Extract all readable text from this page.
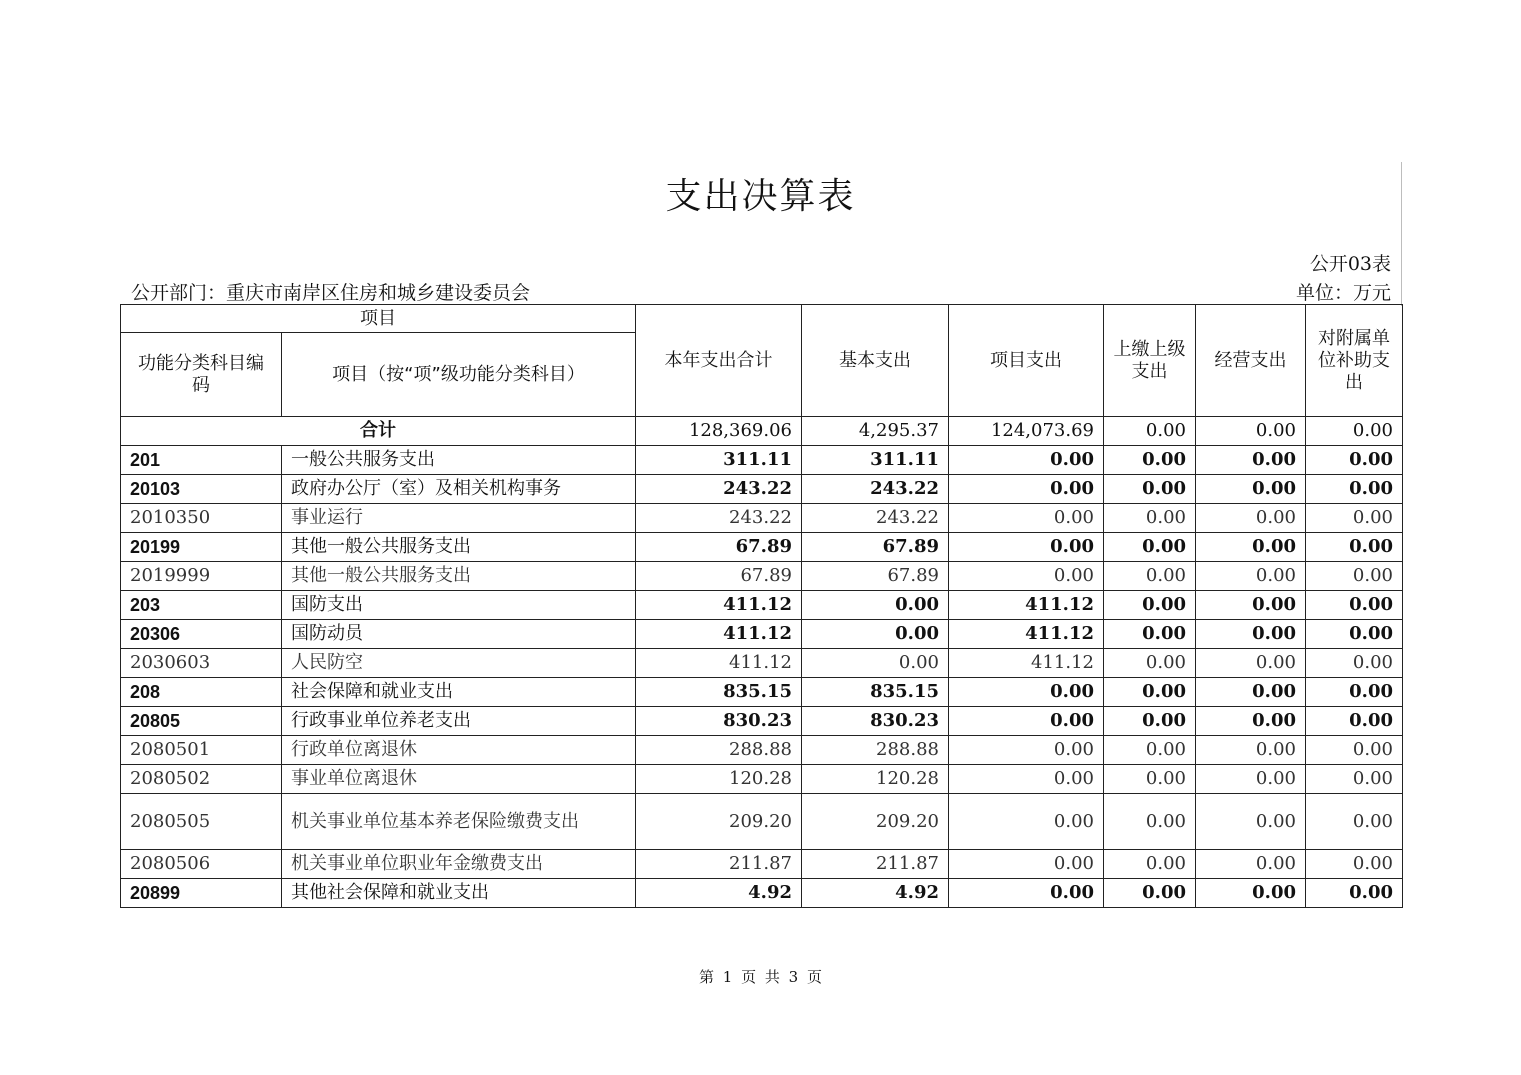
支出决算表
公开03表
公开部门：重庆市南岸区住房和城乡建设委员会	单位：万元
项目		本年支出合计	基本支出	项目支出	上缴上级支出	经营支出	对附属单位补助支出
功能分类科目编码	项目（按“项”级功能分类科目）						
合计		128,369.06	4,295.37	124,073.69	0.00	0.00	0.00
201	一般公共服务支出	311.11	311.11	0.00	0.00	0.00	0.00
20103	政府办公厅（室）及相关机构事务	243.22	243.22	0.00	0.00	0.00	0.00
2010350	事业运行	243.22	243.22	0.00	0.00	0.00	0.00
20199	其他一般公共服务支出	67.89	67.89	0.00	0.00	0.00	0.00
2019999	其他一般公共服务支出	67.89	67.89	0.00	0.00	0.00	0.00
203	国防支出	411.12	0.00	411.12	0.00	0.00	0.00
20306	国防动员	411.12	0.00	411.12	0.00	0.00	0.00
2030603	人民防空	411.12	0.00	411.12	0.00	0.00	0.00
208	社会保障和就业支出	835.15	835.15	0.00	0.00	0.00	0.00
20805	行政事业单位养老支出	830.23	830.23	0.00	0.00	0.00	0.00
2080501	行政单位离退休	288.88	288.88	0.00	0.00	0.00	0.00
2080502	事业单位离退休	120.28	120.28	0.00	0.00	0.00	0.00
2080505	机关事业单位基本养老保险缴费支出	209.20	209.20	0.00	0.00	0.00	0.00
2080506	机关事业单位职业年金缴费支出	211.87	211.87	0.00	0.00	0.00	0.00
20899	其他社会保障和就业支出	4.92	4.92	0.00	0.00	0.00	0.00
第 1 页 共 3 页
